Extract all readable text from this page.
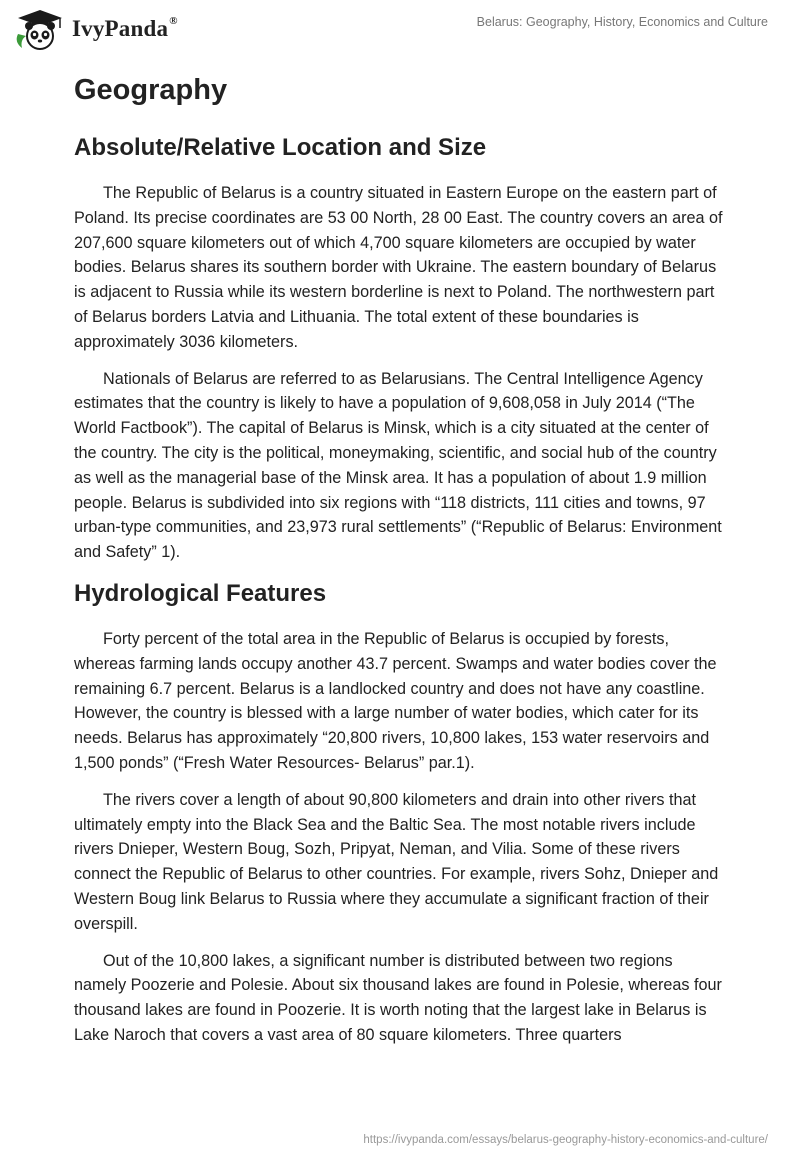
IvyPanda®	Belarus: Geography, History, Economics and Culture
Geography
Absolute/Relative Location and Size

The Republic of Belarus is a country situated in Eastern Europe on the eastern part of Poland. Its precise coordinates are 53 00 North, 28 00 East. The country covers an area of 207,600 square kilometers out of which 4,700 square kilometers are occupied by water bodies. Belarus shares its southern border with Ukraine. The eastern boundary of Belarus is adjacent to Russia while its western borderline is next to Poland. The northwestern part of Belarus borders Latvia and Lithuania. The total extent of these boundaries is approximately 3036 kilometers.

Nationals of Belarus are referred to as Belarusians. The Central Intelligence Agency estimates that the country is likely to have a population of 9,608,058 in July 2014 (“The World Factbook”). The capital of Belarus is Minsk, which is a city situated at the center of the country. The city is the political, moneymaking, scientific, and social hub of the country as well as the managerial base of the Minsk area. It has a population of about 1.9 million people. Belarus is subdivided into six regions with “118 districts, 111 cities and towns, 97 urban-type communities, and 23,973 rural settlements” (“Republic of Belarus: Environment and Safety” 1).

Hydrological Features

Forty percent of the total area in the Republic of Belarus is occupied by forests, whereas farming lands occupy another 43.7 percent. Swamps and water bodies cover the remaining 6.7 percent. Belarus is a landlocked country and does not have any coastline. However, the country is blessed with a large number of water bodies, which cater for its needs. Belarus has approximately “20,800 rivers, 10,800 lakes, 153 water reservoirs and 1,500 ponds” (“Fresh Water Resources- Belarus” par.1).

The rivers cover a length of about 90,800 kilometers and drain into other rivers that ultimately empty into the Black Sea and the Baltic Sea. The most notable rivers include rivers Dnieper, Western Boug, Sozh, Pripyat, Neman, and Vilia. Some of these rivers connect the Republic of Belarus to other countries. For example, rivers Sohz, Dnieper and Western Boug link Belarus to Russia where they accumulate a significant fraction of their overspill.

Out of the 10,800 lakes, a significant number is distributed between two regions namely Poozerie and Polesie. About six thousand lakes are found in Polesie, whereas four thousand lakes are found in Poozerie. It is worth noting that the largest lake in Belarus is Lake Naroch that covers a vast area of 80 square kilometers. Three quarters

https://ivypanda.com/essays/belarus-geography-history-economics-and-culture/
